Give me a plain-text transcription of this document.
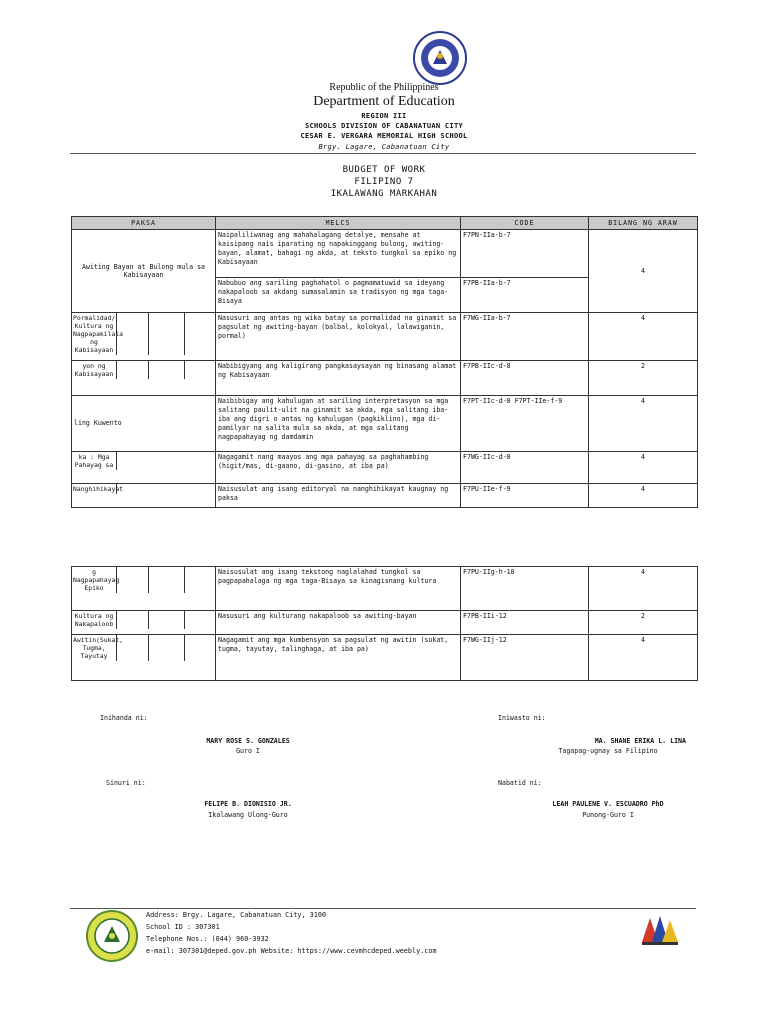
Republic of the Philippines
Department of Education
REGION III
SCHOOLS DIVISION OF CABANATUAN CITY
CESAR E. VERGARA MEMORIAL HIGH SCHOOL
Brgy. Lagare, Cabanatuan City
BUDGET OF WORK
FILIPINO 7
IKALAWANG MARKAHAN
PAKSA	MELCS	CODE	BILANG NG ARAW
Awiting Bayan at Bulong mula sa Kabisayaan	Naipaliliwanag ang mahahalagang detalye, mensahe at kaisipang nais iparating ng napakinggang bulong, awiting-bayan, alamat, bahagi ng akda, at teksto tungkol sa epiko ng Kabisayaan	F7PN-IIa-b-7	4
	Nabubuo ang sariling paghahatol o pagmamatuwid sa ideyang nakapaloob sa akdang sumasalamin sa tradisyon ng mga taga-Bisaya	F7PB-IIa-b-7	

Pormalidad/ Kultura ng Nagpapakilala ng Kabisayaan	Nasusuri ang antas ng wika batay sa pormalidad na ginamit sa pagsulat ng awiting-bayan (balbal, kolokyal, lalawiganin, pormal)	F7WG-IIa-b-7	4

yon ng Kabisayaan	Nabibigyang ang kaligirang pangkasaysayan ng binasang alamat ng Kabisayaan	F7PB-IIc-d-8	2
ling Kuwento	Naibibigay ang kahulugan at sariling interpretasyon sa mga salitang paulit-ulit na ginamit sa akda, mga salitang iba-iba ang digri o antas ng kahulugan (pagkiklino), mga di-pamilyar na salita mula sa akda, at mga salitang nagpapahayag ng damdamin	F7PT-IIc-d-8 F7PT-IIe-f-9	4

ka : Mga Pahayag sa	Nagagamit nang maayos ang mga pahayag sa paghahambing (higit/mas, di-gaano, di-gasino, at iba pa)	F7WG-IIc-d-8	4

Nanghihikayat	Naisusulat ang isang editoryal na nanghihikayat kaugnay ng paksa	F7PU-IIe-f-9	4
g Nagpapahayag Epiko	Naisusulat ang isang tekstong naglalahad tungkol sa pagpapahalaga ng mga taga-Bisaya sa kinagisnang kultura	F7PU-IIg-h-10	4

Kultura ng Nakapaloob	Nasusuri ang kulturang nakapaloob sa awiting-bayan	F7PB-IIi-12	2

Awitin(Sukat, Tugma, Tayutay	Nagagamit ang mga kumbensyon sa pagsulat ng awitin (sukat, tugma, tayutay, talinghaga, at iba pa)	F7WG-IIj-12	4
Inihanda ni:
MARY ROSE S. GONZALES
Guro I
Iniwasto ni:
MA. SHANE ERIKA L. LINA
Tagapag-ugnay sa Filipino
Sinuri ni:
FELIPE B. DIONISIO JR.
Ikalawang Ulong-Guro
Nabatid ni:
LEAH PAULENE V. ESCUADRO PhD
Punong-Guro I
Address: Brgy. Lagare, Cabanatuan City, 3100
School ID : 307301
Telephone Nos.: (044) 960-3932
e-mail: 307301@deped.gov.ph Website: https://www.cevmhcdeped.weebly.com
